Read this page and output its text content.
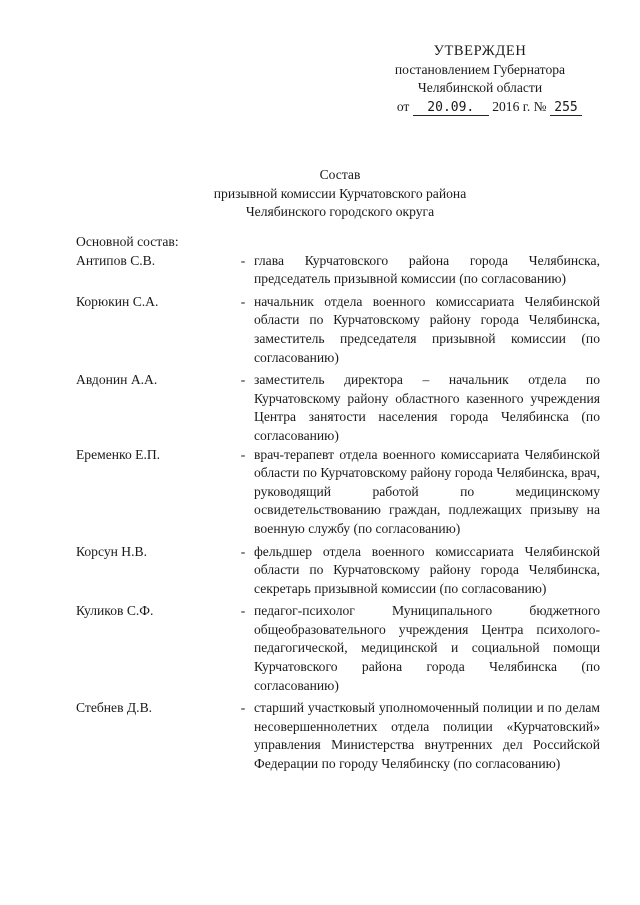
УТВЕРЖДЕН
постановлением Губернатора
Челябинской области
от 20.09. 2016 г. № 255
Состав
призывной комиссии Курчатовского района
Челябинского городского округа
Основной состав:
Антипов С.В.	- глава Курчатовского района города Челябинска, председатель призывной комиссии (по согласованию)
Корюкин С.А.	- начальник отдела военного комиссариата Челябинской области по Курчатовскому району города Челябинска, заместитель председателя призывной комиссии (по согласованию)
Авдонин А.А.	- заместитель директора – начальник отдела по Курчатовскому району областного казенного учреждения Центра занятости населения города Челябинска (по согласованию)
Еременко Е.П.	- врач-терапевт отдела военного комиссариата Челябинской области по Курчатовскому району города Челябинска, врач, руководящий работой по медицинскому освидетельствованию граждан, подлежащих призыву на военную службу (по согласованию)
Корсун Н.В.	- фельдшер отдела военного комиссариата Челябинской области по Курчатовскому району города Челябинска, секретарь призывной комиссии (по согласованию)
Куликов С.Ф.	- педагог-психолог Муниципального бюджетного общеобразовательного учреждения Центра психолого-педагогической, медицинской и социальной помощи Курчатовского района города Челябинска (по согласованию)
Стебнев Д.В.	- старший участковый уполномоченный полиции и по делам несовершеннолетних отдела полиции «Курчатовский» управления Министерства внутренних дел Российской Федерации по городу Челябинску (по согласованию)
